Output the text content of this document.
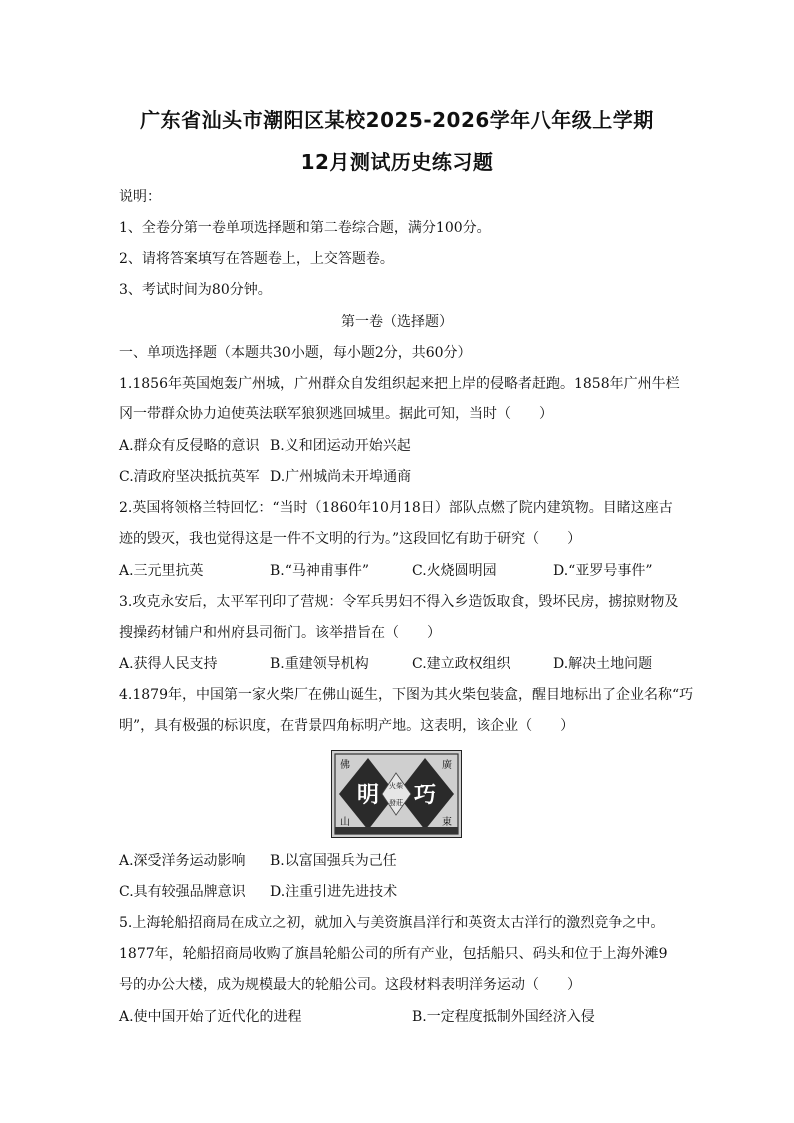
广东省汕头市潮阳区某校2025-2026学年八年级上学期
12月测试历史练习题
说明：
1、全卷分第一卷单项选择题和第二卷综合题，满分100分。
2、请将答案填写在答题卷上，上交答题卷。
3、考试时间为80分钟。
第一卷（选择题）
一、单项选择题（本题共30小题，每小题2分，共60分）
1.1856年英国炮轰广州城，广州群众自发组织起来把上岸的侵略者赶跑。1858年广州牛栏
冈一带群众协力迫使英法联军狼狈逃回城里。据此可知，当时（　　）
A.群众有反侵略的意识 B.义和团运动开始兴起
C.清政府坚决抵抗英军 D.广州城尚未开埠通商
2.英国将领格兰特回忆：“当时（1860年10月18日）部队点燃了院内建筑物。目睹这座古
迹的毁灭，我也觉得这是一件不文明的行为。”这段回忆有助于研究（　　）
A.三元里抗英	B.“马神甫事件”	C.火烧圆明园	D.“亚罗号事件”
3.攻克永安后，太平军刊印了营规：令军兵男妇不得入乡造饭取食，毁坏民房，掳掠财物及
搜操药材铺户和州府县司衙门。该举措旨在（　　）
A.获得人民支持	B.重建领导机构	C.建立政权组织	D.解决土地问题
4.1879年，中国第一家火柴厂在佛山诞生，下图为其火柴包装盒，醒目地标出了企业名称“巧
明”，具有极强的标识度，在背景四角标明产地。这表明，该企业（　　）
明 巧
佛	廣
山	東
火柴
發莊
A.深受洋务运动影响 B.以富国强兵为己任
C.具有较强品牌意识 D.注重引进先进技术
5.上海轮船招商局在成立之初，就加入与美资旗昌洋行和英资太古洋行的激烈竞争之中。
1877年，轮船招商局收购了旗昌轮船公司的所有产业，包括船只、码头和位于上海外滩9
号的办公大楼，成为规模最大的轮船公司。这段材料表明洋务运动（　　）
A.使中国开始了近代化的进程	B.一定程度抵制外国经济入侵
